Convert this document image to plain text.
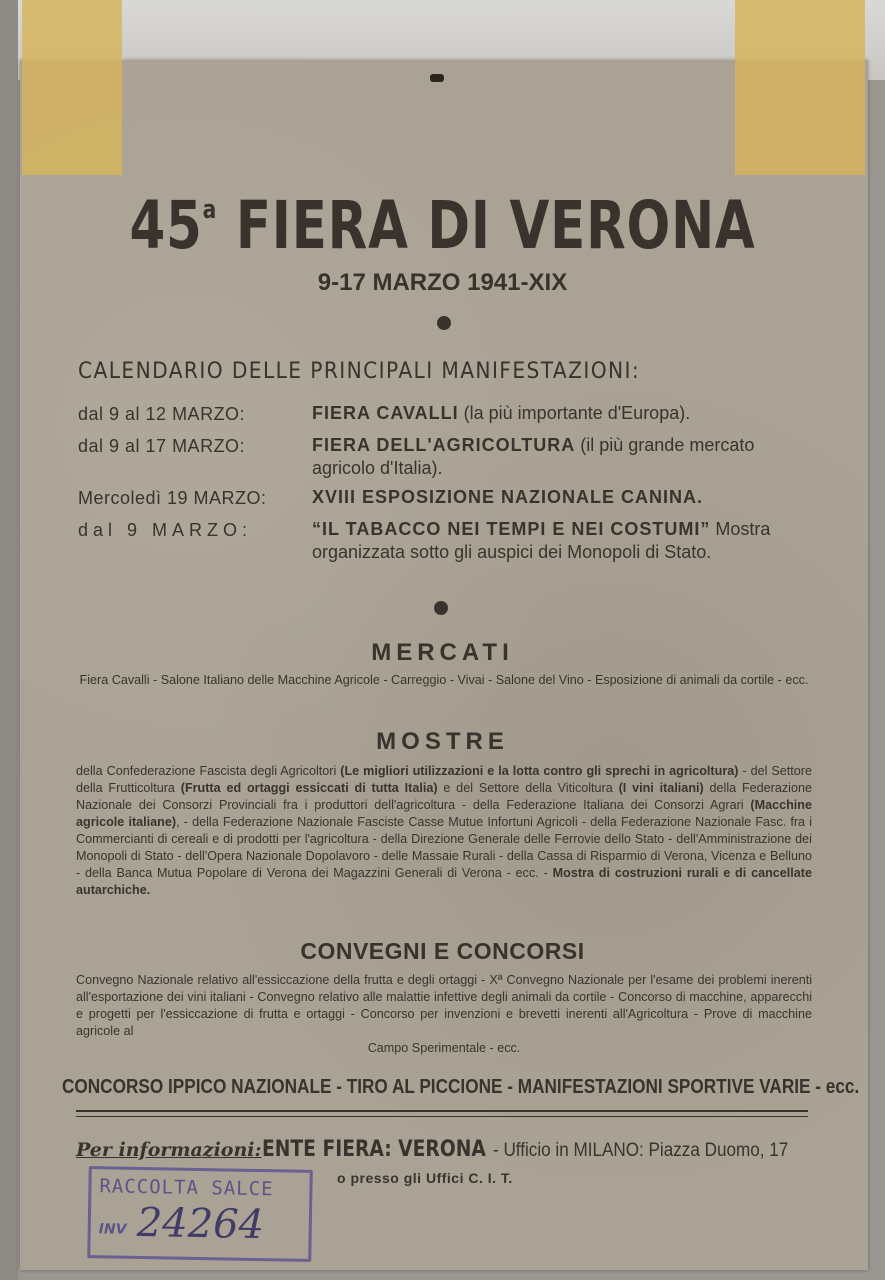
45$^a$ FIERA DI VERONA
9-17 MARZO 1941-XIX
CALENDARIO DELLE PRINCIPALI MANIFESTAZIONI:
dal 9 al 12 MARZO:	FIERA CAVALLI (la più importante d'Europa).
dal 9 al 17 MARZO:	FIERA DELL'AGRICOLTURA (il più grande mercato agricolo d'Italia).
Mercoledì 19 MARZO:	XVIII ESPOSIZIONE NAZIONALE CANINA.
dal 9 MARZO:	“IL TABACCO NEI TEMPI E NEI COSTUMI” Mostra organizzata sotto gli auspici dei Monopoli di Stato.
MERCATI
Fiera Cavalli - Salone Italiano delle Macchine Agricole - Carreggio - Vivai - Salone del Vino - Esposizione di animali da cortile - ecc.
MOSTRE
della Confederazione Fascista degli Agricoltori (Le migliori utilizzazioni e la lotta contro gli sprechi in agricoltura) - del Settore della Frutticoltura (Frutta ed ortaggi essiccati di tutta Italia) e del Settore della Viticoltura (I vini italiani) della Federazione Nazionale dei Consorzi Provinciali fra i produttori dell'agricoltura - della Federazione Italiana dei Consorzi Agrari (Macchine agricole italiane), - della Federazione Nazionale Fasciste Casse Mutue Infortuni Agricoli - della Federazione Nazionale Fasc. fra i Commercianti di cereali e di prodotti per l'agricoltura - della Direzione Generale delle Ferrovie dello Stato - dell'Amministrazione dei Monopoli di Stato - dell'Opera Nazionale Dopolavoro - delle Massaie Rurali - della Cassa di Risparmio di Verona, Vicenza e Belluno - della Banca Mutua Popolare di Verona dei Magazzini Generali di Verona - ecc. - Mostra di costruzioni rurali e di cancellate autarchiche.
CONVEGNI E CONCORSI
Convegno Nazionale relativo all'essiccazione della frutta e degli ortaggi - Xª Convegno Nazionale per l'esame dei problemi inerenti all'esportazione dei vini italiani - Convegno relativo alle malattie infettive degli animali da cortile - Concorso di macchine, apparecchi e progetti per l'essiccazione di frutta e ortaggi - Concorso per invenzioni e brevetti inerenti all'Agricoltura - Prove di macchine agricole al
Campo Sperimentale - ecc.
CONCORSO IPPICO NAZIONALE - TIRO AL PICCIONE - MANIFESTAZIONI SPORTIVE VARIE - ecc.
Per informazioni:ENTE FIERA: VERONA- Ufficio in MILANO: Piazza Duomo, 17
o presso gli Uffici C. I. T.
RACCOLTA SALCE
INV 24264
